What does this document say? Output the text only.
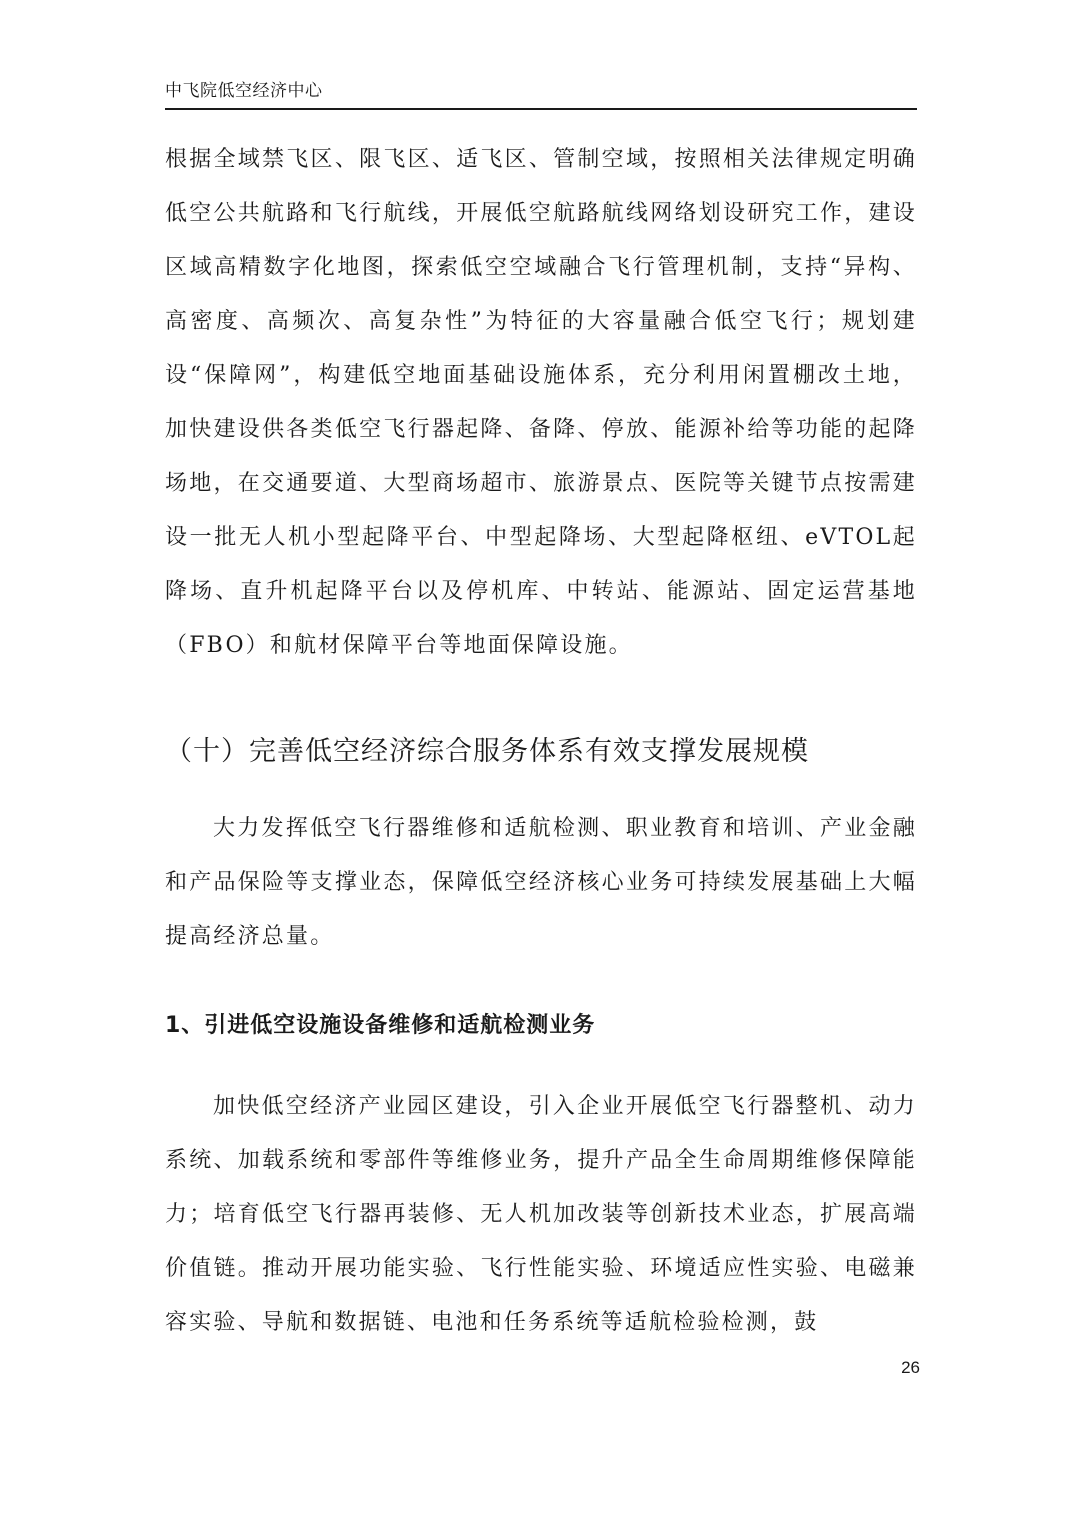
中飞院低空经济中心

根据全域禁飞区、限飞区、适飞区、管制空域，按照相关法律规定明确低空公共航路和飞行航线，开展低空航路航线网络划设研究工作，建设区域高精数字化地图，探索低空空域融合飞行管理机制，支持“异构、高密度、高频次、高复杂性”为特征的大容量融合低空飞行；规划建设“保障网”，构建低空地面基础设施体系，充分利用闲置棚改土地，加快建设供各类低空飞行器起降、备降、停放、能源补给等功能的起降场地，在交通要道、大型商场超市、旅游景点、医院等关键节点按需建设一批无人机小型起降平台、中型起降场、大型起降枢纽、eVTOL起降场、直升机起降平台以及停机库、中转站、能源站、固定运营基地（FBO）和航材保障平台等地面保障设施。

（十）完善低空经济综合服务体系有效支撑发展规模

大力发挥低空飞行器维修和适航检测、职业教育和培训、产业金融和产品保险等支撑业态，保障低空经济核心业务可持续发展基础上大幅提高经济总量。

1、引进低空设施设备维修和适航检测业务

加快低空经济产业园区建设，引入企业开展低空飞行器整机、动力系统、加载系统和零部件等维修业务，提升产品全生命周期维修保障能力；培育低空飞行器再装修、无人机加改装等创新技术业态，扩展高端价值链。推动开展功能实验、飞行性能实验、环境适应性实验、电磁兼容实验、导航和数据链、电池和任务系统等适航检验检测，鼓

26
